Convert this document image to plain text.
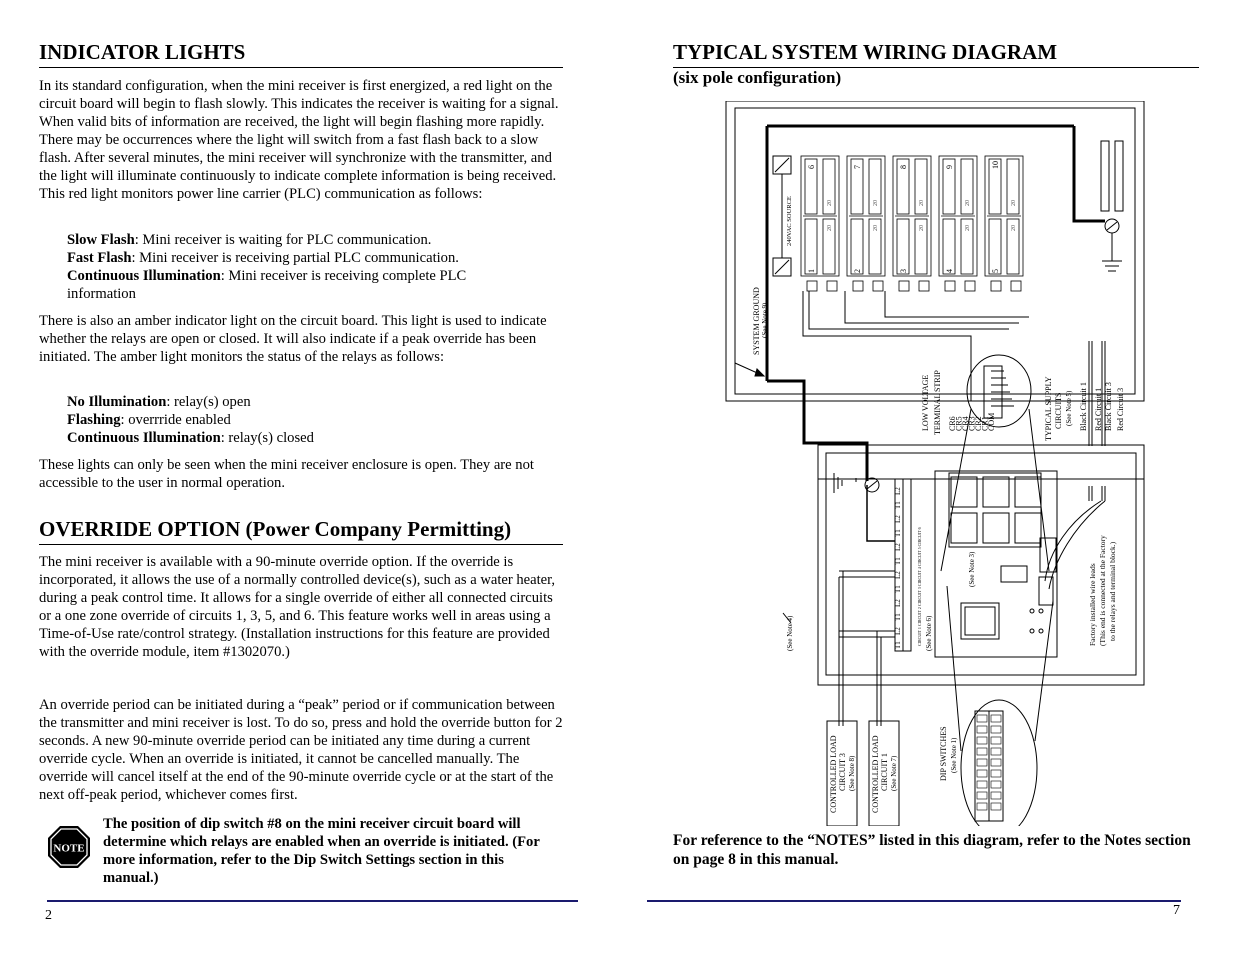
INDICATOR LIGHTS

In its standard configuration, when the mini receiver is first energized, a red light on the circuit board will begin to flash slowly. This indicates the receiver is waiting for a signal. When valid bits of information are received, the light will begin flashing more rapidly. There may be occurrences where the light will switch from a fast flash back to a slow flash. After several minutes, the mini receiver will synchronize with the transmitter, and the light will illuminate continuously to indicate complete information is being received. This red light monitors power line carrier (PLC) communication as follows:

Slow Flash: Mini receiver is waiting for PLC communication.
Fast Flash: Mini receiver is receiving partial PLC communication.
Continuous Illumination: Mini receiver is receiving complete PLC information

There is also an amber indicator light on the circuit board. This light is used to indicate whether the relays are open or closed. It will also indicate if a peak override has been initiated. The amber light monitors the status of the relays as follows:

No Illumination: relay(s) open
Flashing: overrride enabled
Continuous Illumination: relay(s) closed

These lights can only be seen when the mini receiver enclosure is open. They are not accessible to the user in normal operation.

OVERRIDE OPTION (Power Company Permitting)

The mini receiver is available with a 90-minute override option. If the override is incorporated, it allows the use of a normally controlled device(s), such as a water heater, during a peak control time. It allows for a single override of either all connected circuits or a one zone override of circuits 1, 3, 5, and 6. This feature works well in areas using a Time-of-Use rate/control strategy. (Installation instructions for this feature are provided with the override module, item #1302070.)

An override period can be initiated during a “peak” period or if communication between the transmitter and mini receiver is lost. To do so, press and hold the override button for 2 seconds. A new 90-minute override period can be initiated any time during a current override cycle. When an override is initiated, it cannot be cancelled manually. The override will cancel itself at the end of the 90-minute override cycle or at the start of the next off-peak period, whichever comes first.

NOTE
The position of dip switch #8 on the mini receiver circuit board will determine which relays are enabled when an override is initiated. (For more information, refer to the Dip Switch Settings section in this manual.)
2
TYPICAL SYSTEM WIRING DIAGRAM
(six pole configuration)
240VAC SOURCE
6
1
20
20
7
2
20
20
8
3
20
20
9
4
20
20
10
5
20
20
SYSTEM GROUND (See Note 9)
LOW VOLTAGE TERMINAL STRIP	COM
CR1
CR2
CR3
CR4
CR5
CR6	TYPICAL SUPPLY CIRCUITS (See Note 5) Black Circuit 1 Red Circuit 1 Black Circuit 3 Red Circuit 3
Factory installed wire leads (This end is connected at the Factory to the relays and terminal block.)
(See Note 4)	(See Note 6)
(See Note 3)
T1
L2
T1
L2
T1
L2
T1
L2
T1
L2
T1
L2
CIRCUIT 1 CIRCUIT 2 CIRCUIT 3 CIRCUIT 4 CIRCUIT 5 CIRCUIT 6
CONTROLLED LOAD CIRCUIT 3 (See Note 8) CONTROLLED LOAD CIRCUIT 1 (See Note 7)	DIP SWITCHES (See Note 1)
For reference to the “NOTES” listed in this diagram, refer to the Notes section on page 8 in this manual.
7
